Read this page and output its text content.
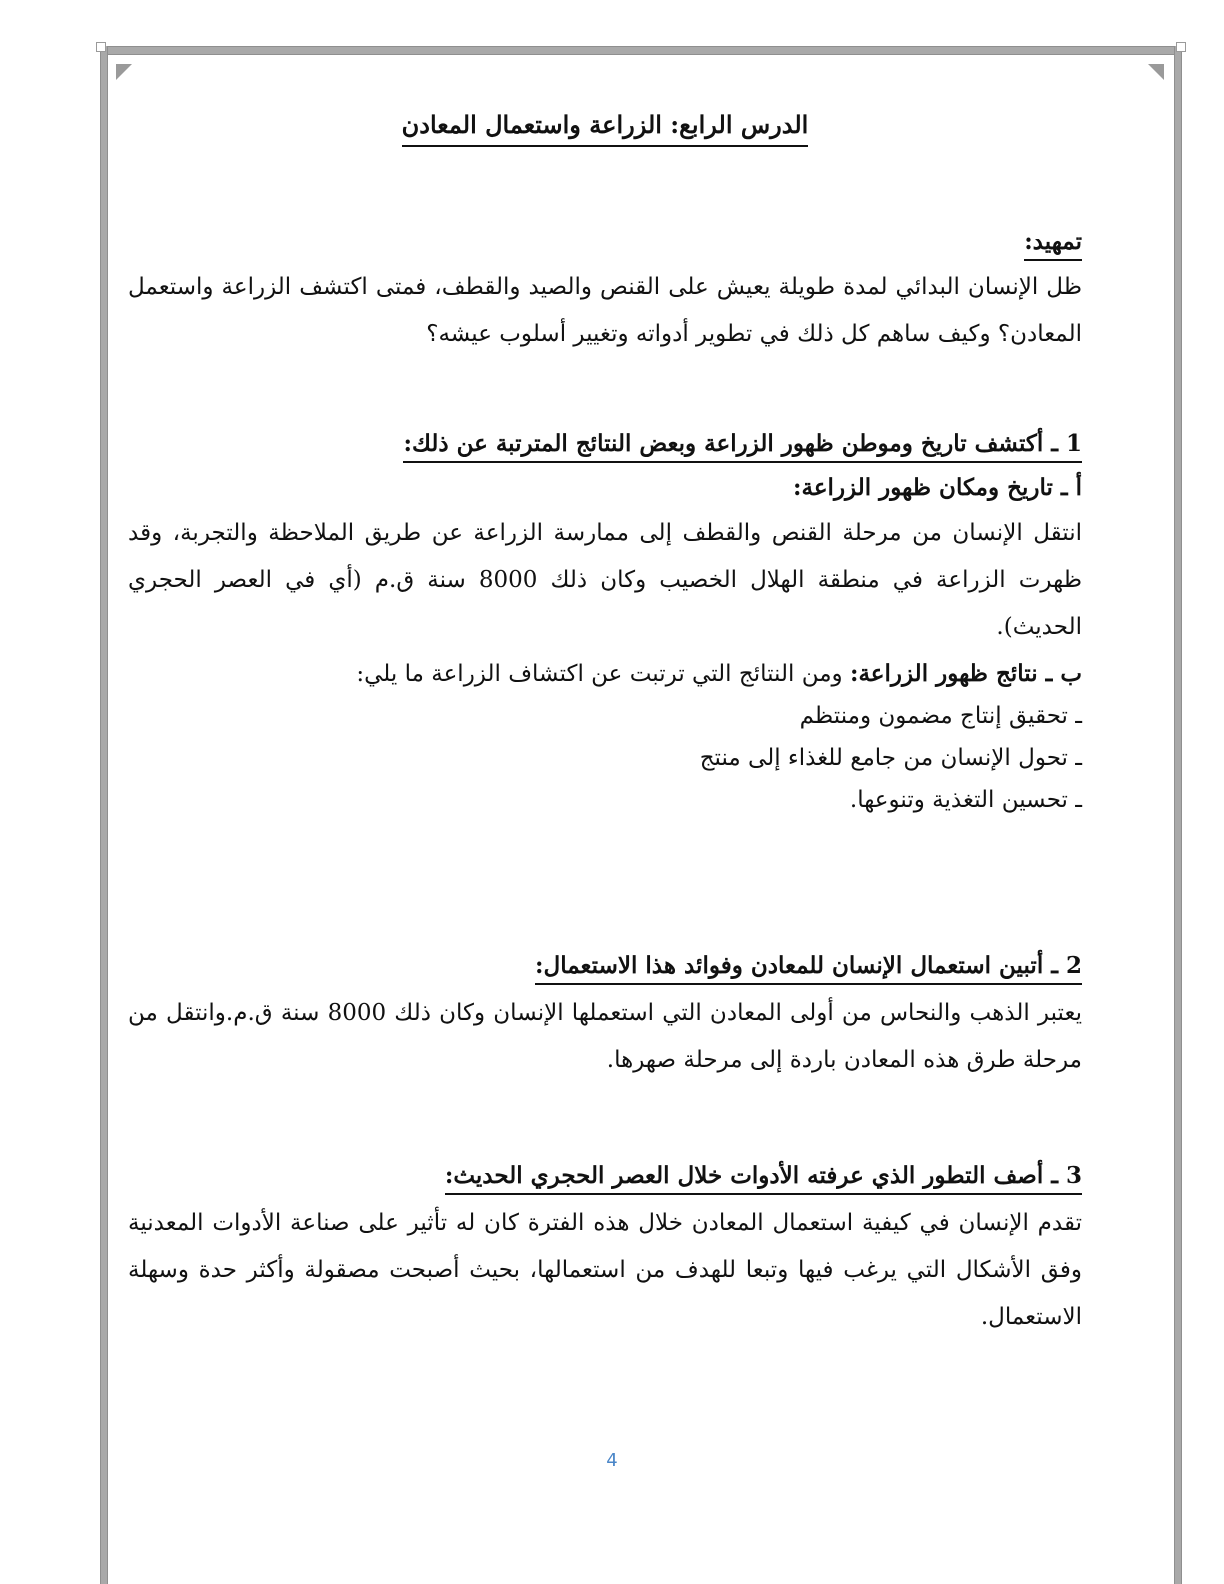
الدرس الرابع: الزراعة واستعمال المعادن
تمهيد:
ظل الإنسان البدائي لمدة طويلة يعيش على القنص والصيد والقطف، فمتى اكتشف الزراعة واستعمل المعادن؟ وكيف ساهم كل ذلك في تطوير أدواته وتغيير أسلوب عيشه؟
1 ـ أكتشف تاريخ وموطن ظهور الزراعة وبعض النتائج المترتبة عن ذلك:
أ ـ تاريخ ومكان ظهور الزراعة:
انتقل الإنسان من مرحلة القنص والقطف إلى ممارسة الزراعة عن طريق الملاحظة والتجربة، وقد ظهرت الزراعة في منطقة الهلال الخصيب وكان ذلك 8000 سنة ق.م (أي في العصر الحجري الحديث).
ب ـ نتائج ظهور الزراعة: ومن النتائج التي ترتبت عن اكتشاف الزراعة ما يلي:
ـ تحقيق إنتاج مضمون ومنتظم
ـ تحول الإنسان من جامع للغذاء إلى منتج
ـ تحسين التغذية وتنوعها.
2 ـ أتبين استعمال الإنسان للمعادن وفوائد هذا الاستعمال:
يعتبر الذهب والنحاس من أولى المعادن التي استعملها الإنسان وكان ذلك 8000 سنة ق.م.وانتقل من مرحلة طرق هذه المعادن باردة إلى مرحلة صهرها.
3 ـ أصف التطور الذي عرفته الأدوات خلال العصر الحجري الحديث:
تقدم الإنسان في كيفية استعمال المعادن خلال هذه الفترة كان له تأثير على صناعة الأدوات المعدنية وفق الأشكال التي يرغب فيها وتبعا للهدف من استعمالها، بحيث أصبحت مصقولة وأكثر حدة وسهلة الاستعمال.
4
